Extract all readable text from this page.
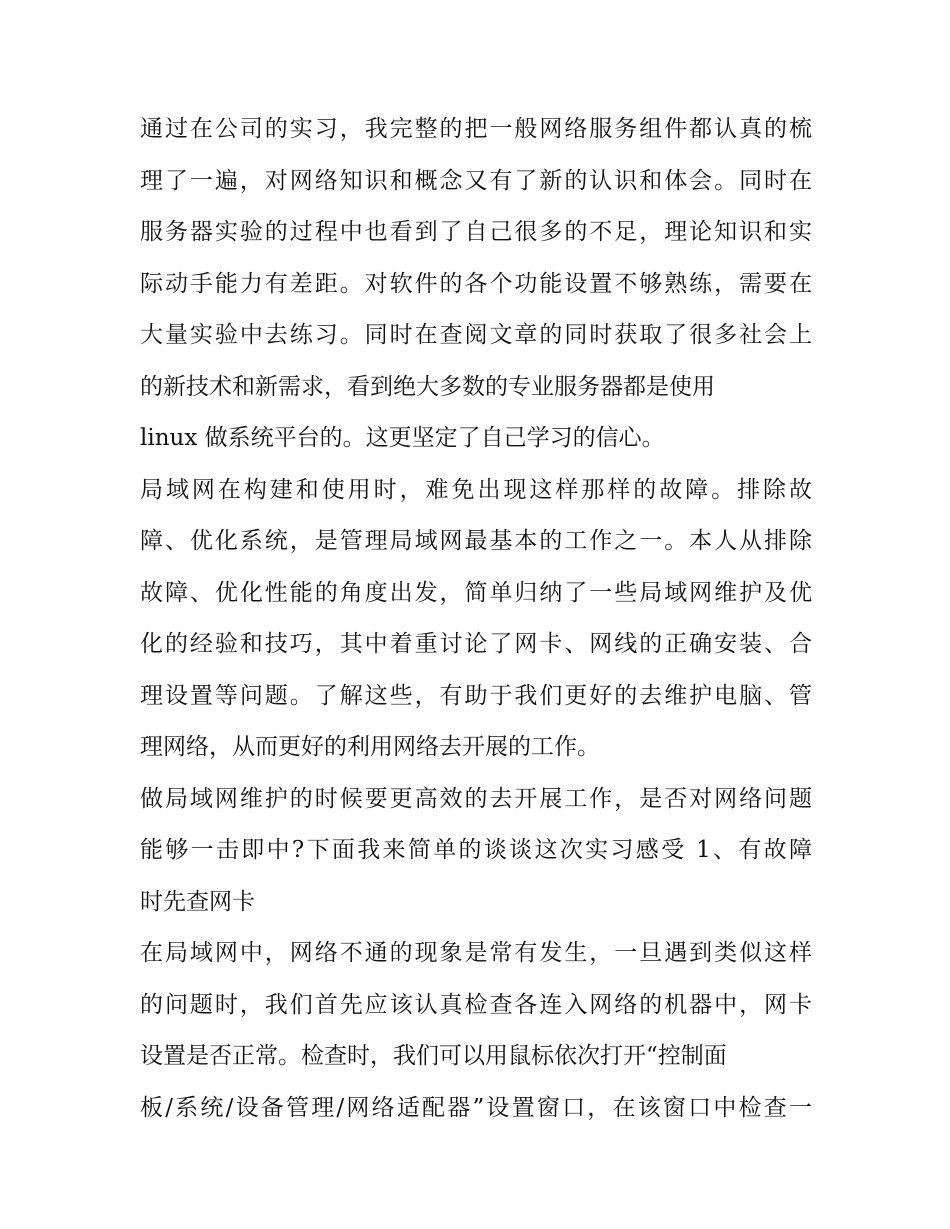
通过在公司的实习，我完整的把一般网络服务组件都认真的梳
理了一遍，对网络知识和概念又有了新的认识和体会。同时在
服务器实验的过程中也看到了自己很多的不足，理论知识和实
际动手能力有差距。对软件的各个功能设置不够熟练，需要在
大量实验中去练习。同时在查阅文章的同时获取了很多社会上
的新技术和新需求，看到绝大多数的专业服务器都是使用
linux 做系统平台的。这更坚定了自己学习的信心。
局域网在构建和使用时，难免出现这样那样的故障。排除故
障、优化系统，是管理局域网最基本的工作之一。本人从排除
故障、优化性能的角度出发，简单归纳了一些局域网维护及优
化的经验和技巧，其中着重讨论了网卡、网线的正确安装、合
理设置等问题。了解这些，有助于我们更好的去维护电脑、管
理网络，从而更好的利用网络去开展的工作。
做局域网维护的时候要更高效的去开展工作，是否对网络问题
能够一击即中?下面我来简单的谈谈这次实习感受 1、有故障
时先查网卡
在局域网中，网络不通的现象是常有发生，一旦遇到类似这样
的问题时，我们首先应该认真检查各连入网络的机器中，网卡
设置是否正常。检查时，我们可以用鼠标依次打开“控制面
板/系统/设备管理/网络适配器”设置窗口，在该窗口中检查一
